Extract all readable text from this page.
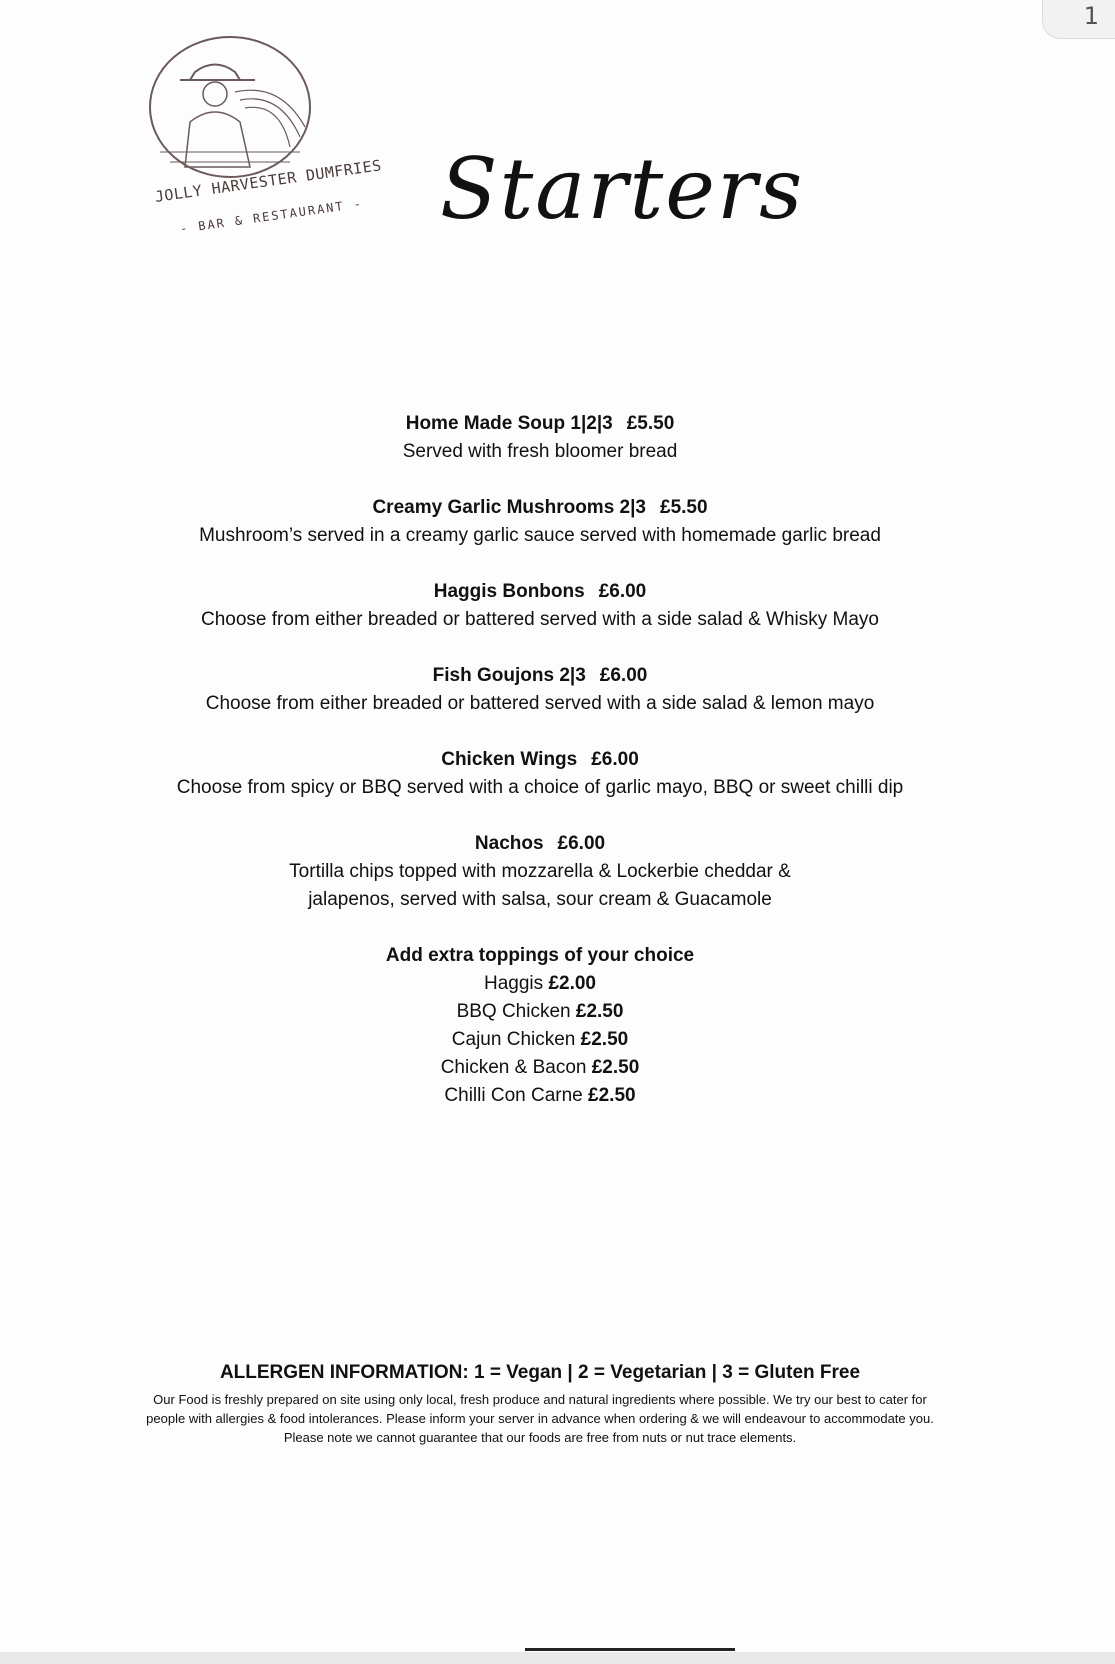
1
JOLLY HARVESTER DUMFRIES
- BAR & RESTAURANT - Starters
Home Made Soup 1|2|3 £5.50
Served with fresh bloomer bread
Creamy Garlic Mushrooms 2|3 £5.50
Mushroom’s served in a creamy garlic sauce served with homemade garlic bread
Haggis Bonbons £6.00
Choose from either breaded or battered served with a side salad & Whisky Mayo
Fish Goujons 2|3 £6.00
Choose from either breaded or battered served with a side salad & lemon mayo
Chicken Wings £6.00
Choose from spicy or BBQ served with a choice of garlic mayo, BBQ or sweet chilli dip
Nachos £6.00
Tortilla chips topped with mozzarella & Lockerbie cheddar &
jalapenos, served with salsa, sour cream & Guacamole
Add extra toppings of your choice
Haggis £2.00
BBQ Chicken £2.50
Cajun Chicken £2.50
Chicken & Bacon £2.50
Chilli Con Carne £2.50
ALLERGEN INFORMATION: 1 = Vegan | 2 = Vegetarian | 3 = Gluten Free
Our Food is freshly prepared on site using only local, fresh produce and natural ingredients where possible. We try our best to cater for
people with allergies & food intolerances. Please inform your server in advance when ordering & we will endeavour to accommodate you.
Please note we cannot guarantee that our foods are free from nuts or nut trace elements.
